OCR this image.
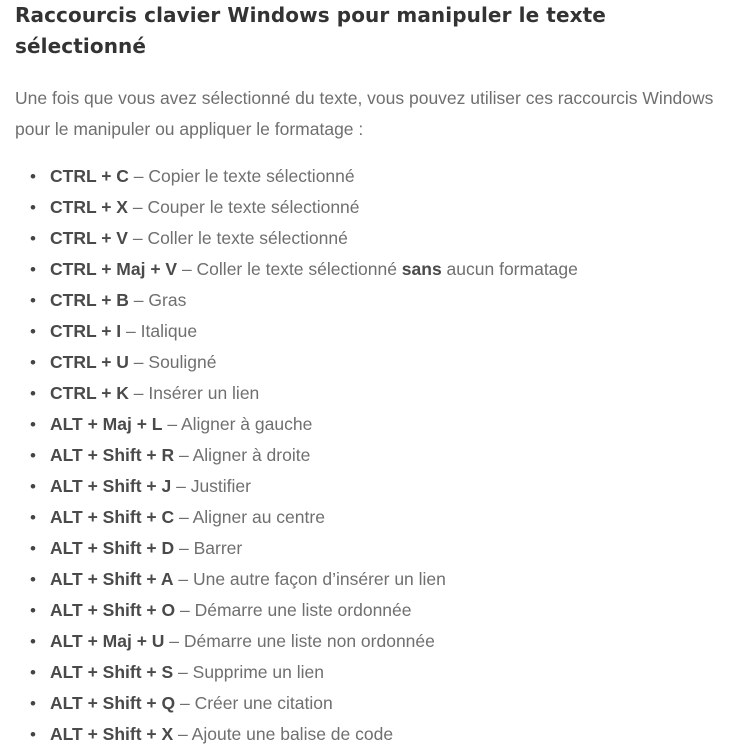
Raccourcis clavier Windows pour manipuler le texte sélectionné

Une fois que vous avez sélectionné du texte, vous pouvez utiliser ces raccourcis Windows pour le manipuler ou appliquer le formatage :

• CTRL + C – Copier le texte sélectionné
• CTRL + X – Couper le texte sélectionné
• CTRL + V – Coller le texte sélectionné
• CTRL + Maj + V – Coller le texte sélectionné sans aucun formatage
• CTRL + B – Gras
• CTRL + I – Italique
• CTRL + U – Souligné
• CTRL + K – Insérer un lien
• ALT + Maj + L – Aligner à gauche
• ALT + Shift + R – Aligner à droite
• ALT + Shift + J – Justifier
• ALT + Shift + C – Aligner au centre
• ALT + Shift + D – Barrer
• ALT + Shift + A – Une autre façon d’insérer un lien
• ALT + Shift + O – Démarre une liste ordonnée
• ALT + Maj + U – Démarre une liste non ordonnée
• ALT + Shift + S – Supprime un lien
• ALT + Shift + Q – Créer une citation
• ALT + Shift + X – Ajoute une balise de code
